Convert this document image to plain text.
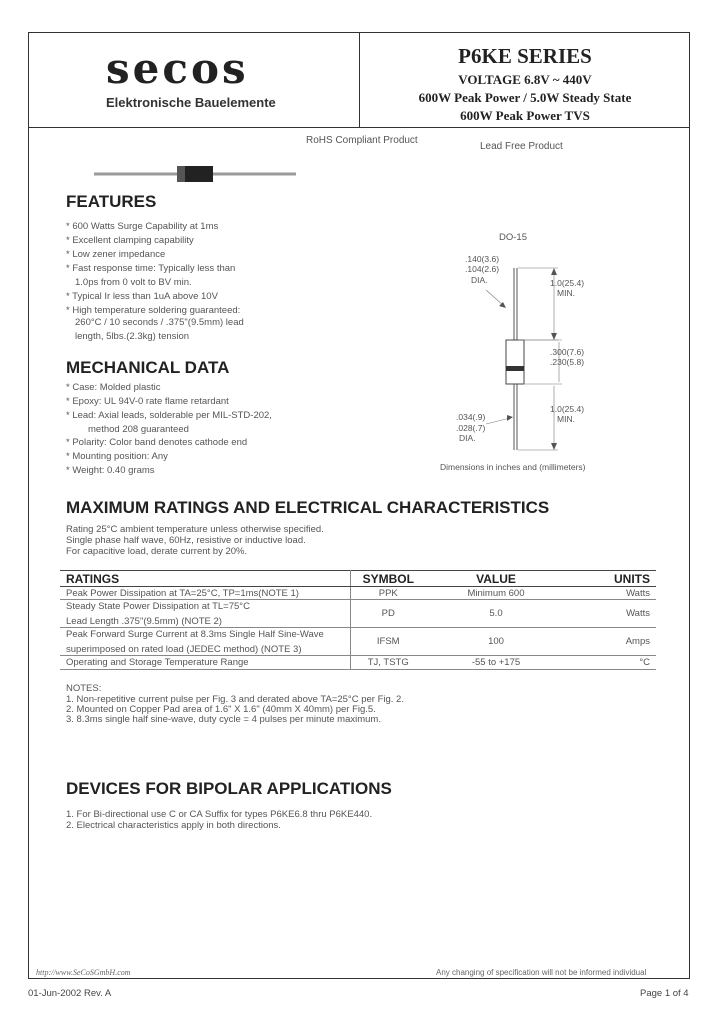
secos
Elektronische Bauelemente
P6KE SERIES
VOLTAGE 6.8V ~ 440V
600W Peak Power / 5.0W Steady State
600W Peak Power TVS
RoHS Compliant Product
Lead Free Product
FEATURES
* 600 Watts Surge Capability at 1ms
* Excellent clamping capability
* Low zener impedance
* Fast response time: Typically less than
1.0ps from 0 volt to BV min.
* Typical Ir less than 1uA above 10V
* High temperature soldering guaranteed:
260°C / 10 seconds / .375"(9.5mm) lead
length, 5lbs.(2.3kg) tension
MECHANICAL DATA
* Case: Molded plastic
* Epoxy: UL 94V-0 rate flame retardant
* Lead: Axial leads, solderable per MIL-STD-202,
method 208 guaranteed
* Polarity: Color band denotes cathode end
* Mounting position: Any
* Weight: 0.40 grams
DO-15
.140(3.6)
.104(2.6)
DIA.	1.0(25.4)
MIN.
.300(7.6)
.230(5.8)
1.0(25.4)
MIN.
.034(.9)
.028(.7)
DIA.
Dimensions in inches and (millimeters)
MAXIMUM RATINGS AND ELECTRICAL CHARACTERISTICS
Rating 25°C ambient temperature unless otherwise specified.
Single phase half wave, 60Hz, resistive or inductive load.
For capacitive load, derate current by 20%.
RATINGS	SYMBOL	VALUE	UNITS
Peak Power Dissipation at TA=25°C, TP=1ms(NOTE 1)	PPK	Minimum 600	Watts

Steady State Power Dissipation at TL=75°C
Lead Length .375"(9.5mm) (NOTE 2)	PD	5.0	Watts

Peak Forward Surge Current at 8.3ms Single Half Sine-Wave
superimposed on rated load (JEDEC method) (NOTE 3)	IFSM	100	Amps
Operating and Storage Temperature Range	TJ, TSTG	-55 to +175	°C
NOTES:
1. Non-repetitive current pulse per Fig. 3 and derated above TA=25°C per Fig. 2.
2. Mounted on Copper Pad area of 1.6" X 1.6" (40mm X 40mm) per Fig.5.
3. 8.3ms single half sine-wave, duty cycle = 4 pulses per minute maximum.
DEVICES FOR BIPOLAR APPLICATIONS
1. For Bi-directional use C or CA Suffix for types P6KE6.8 thru P6KE440.
2. Electrical characteristics apply in both directions.
http://www.SeCoSGmbH.com	Any changing of specification will not be informed individual
01-Jun-2002 Rev. A	Page 1 of 4
